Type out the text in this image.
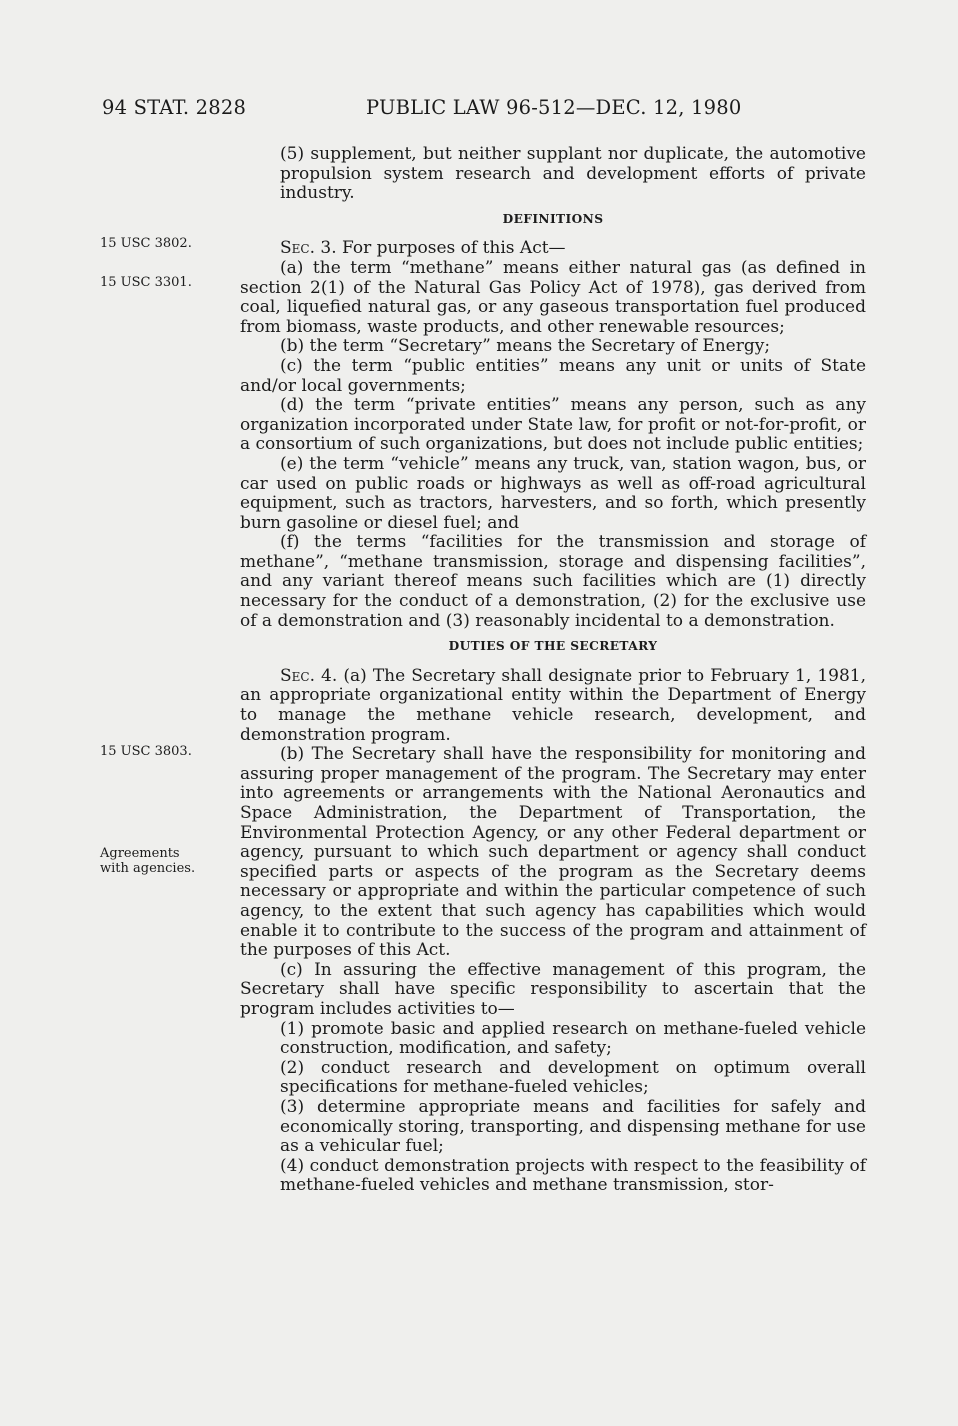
94 STAT. 2828	PUBLIC LAW 96-512—DEC. 12, 1980
15 USC 3802.
15 USC 3301.
15 USC 3803.
Agreements
with agencies.

(5) supplement, but neither supplant nor duplicate, the automotive propulsion system research and development efforts of private industry.

DEFINITIONS

Sec. 3. For purposes of this Act—

(a) the term “methane” means either natural gas (as defined in section 2(1) of the Natural Gas Policy Act of 1978), gas derived from coal, liquefied natural gas, or any gaseous transportation fuel produced from biomass, waste products, and other renewable resources;

(b) the term “Secretary” means the Secretary of Energy;

(c) the term “public entities” means any unit or units of State and/or local governments;

(d) the term “private entities” means any person, such as any organization incorporated under State law, for profit or not-for-profit, or a consortium of such organizations, but does not include public entities;

(e) the term “vehicle” means any truck, van, station wagon, bus, or car used on public roads or highways as well as off-road agricultural equipment, such as tractors, harvesters, and so forth, which presently burn gasoline or diesel fuel; and

(f) the terms “facilities for the transmission and storage of methane”, “methane transmission, storage and dispensing facilities”, and any variant thereof means such facilities which are (1) directly necessary for the conduct of a demonstration, (2) for the exclusive use of a demonstration and (3) reasonably incidental to a demonstration.

DUTIES OF THE SECRETARY

Sec. 4. (a) The Secretary shall designate prior to February 1, 1981, an appropriate organizational entity within the Department of Energy to manage the methane vehicle research, development, and demonstration program.

(b) The Secretary shall have the responsibility for monitoring and assuring proper management of the program. The Secretary may enter into agreements or arrangements with the National Aeronautics and Space Administration, the Department of Transportation, the Environmental Protection Agency, or any other Federal department or agency, pursuant to which such department or agency shall conduct specified parts or aspects of the program as the Secretary deems necessary or appropriate and within the particular competence of such agency, to the extent that such agency has capabilities which would enable it to contribute to the success of the program and attainment of the purposes of this Act.

(c) In assuring the effective management of this program, the Secretary shall have specific responsibility to ascertain that the program includes activities to—

(1) promote basic and applied research on methane-fueled vehicle construction, modification, and safety;

(2) conduct research and development on optimum overall specifications for methane-fueled vehicles;

(3) determine appropriate means and facilities for safely and economically storing, transporting, and dispensing methane for use as a vehicular fuel;

(4) conduct demonstration projects with respect to the feasibility of methane-fueled vehicles and methane transmission, stor-
